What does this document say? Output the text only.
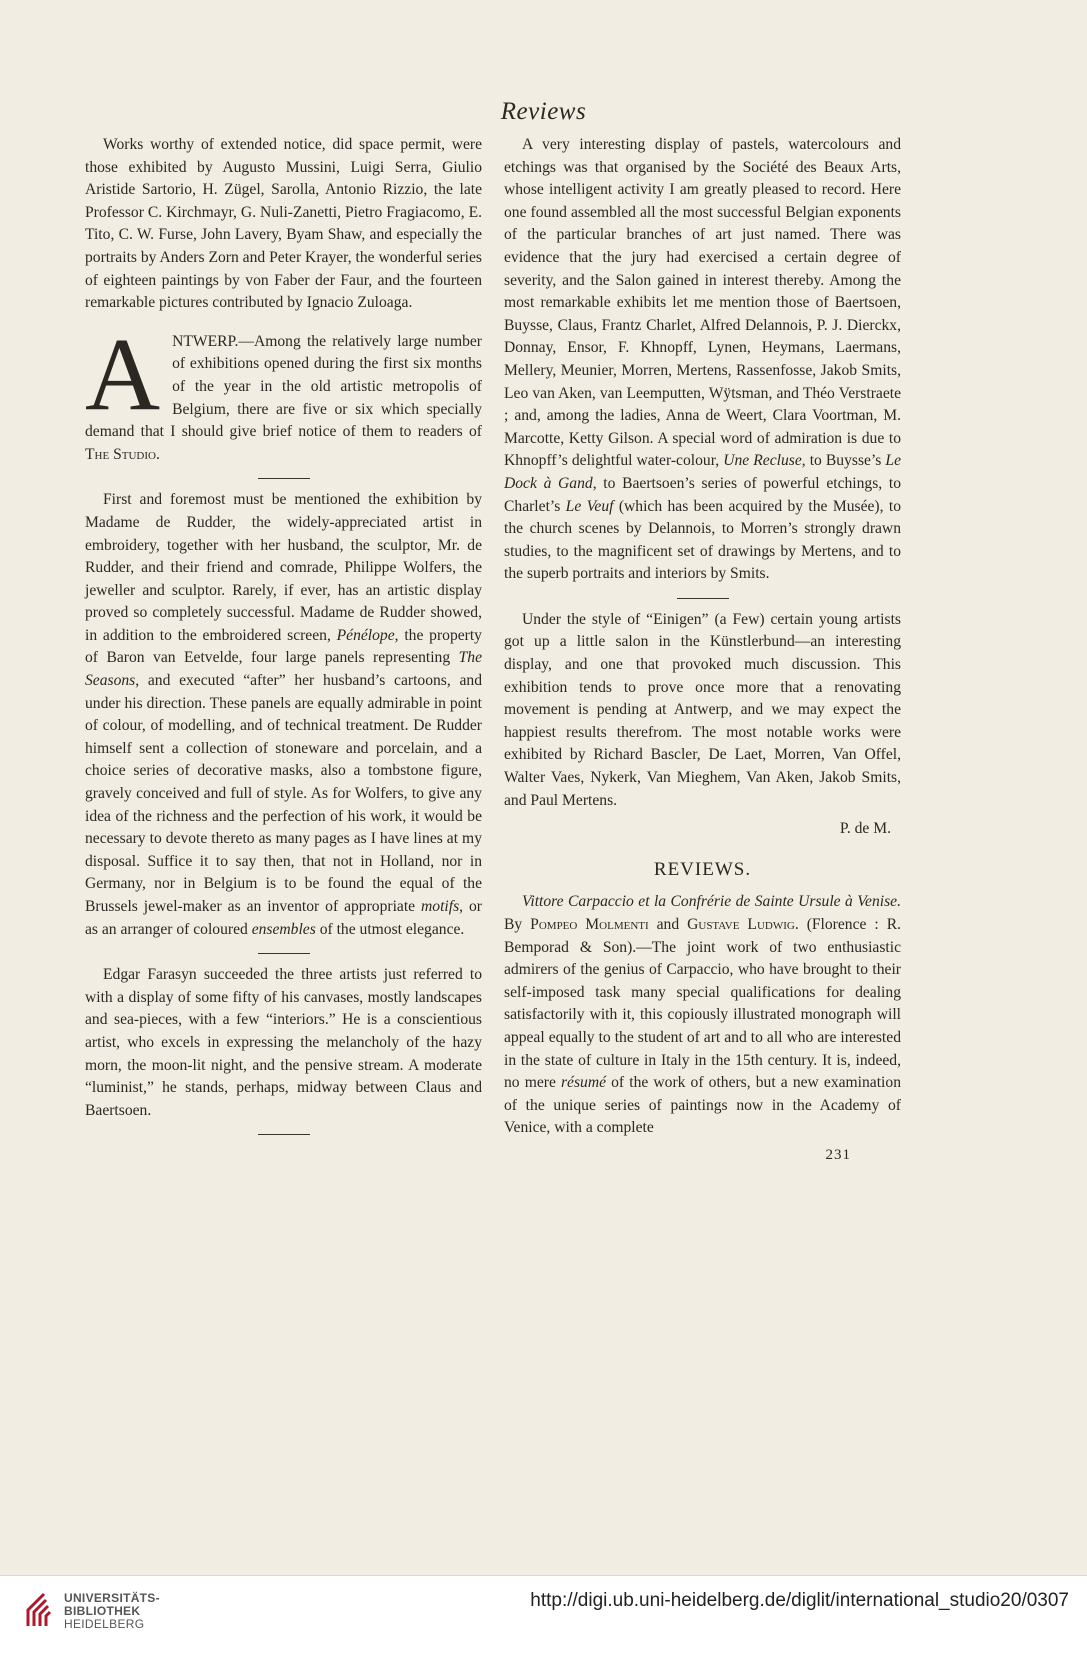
Reviews

Works worthy of extended notice, did space permit, were those exhibited by Augusto Mussini, Luigi Serra, Giulio Aristide Sartorio, H. Zügel, Sarolla, Antonio Rizzio, the late Professor C. Kirchmayr, G. Nuli-Zanetti, Pietro Fragiacomo, E. Tito, C. W. Furse, John Lavery, Byam Shaw, and especially the portraits by Anders Zorn and Peter Krayer, the wonderful series of eighteen paintings by von Faber der Faur, and the fourteen remarkable pictures contributed by Ignacio Zuloaga.

ANTWERP.—Among the relatively large number of exhibitions opened during the first six months of the year in the old artistic metropolis of Belgium, there are five or six which specially demand that I should give brief notice of them to readers of The Studio.

First and foremost must be mentioned the exhibition by Madame de Rudder, the widely-appreciated artist in embroidery, together with her husband, the sculptor, Mr. de Rudder, and their friend and comrade, Philippe Wolfers, the jeweller and sculptor. Rarely, if ever, has an artistic display proved so completely successful. Madame de Rudder showed, in addition to the embroidered screen, Pénélope, the property of Baron van Eetvelde, four large panels representing The Seasons, and executed “after” her husband’s cartoons, and under his direction. These panels are equally admirable in point of colour, of modelling, and of technical treatment. De Rudder himself sent a collection of stoneware and porcelain, and a choice series of decorative masks, also a tombstone figure, gravely conceived and full of style. As for Wolfers, to give any idea of the richness and the perfection of his work, it would be necessary to devote thereto as many pages as I have lines at my disposal. Suffice it to say then, that not in Holland, nor in Germany, nor in Belgium is to be found the equal of the Brussels jewel-maker as an inventor of appropriate motifs, or as an arranger of coloured ensembles of the utmost elegance.

Edgar Farasyn succeeded the three artists just referred to with a display of some fifty of his canvases, mostly landscapes and sea-pieces, with a few “interiors.” He is a conscientious artist, who excels in expressing the melancholy of the hazy morn, the moon-lit night, and the pensive stream. A moderate “luminist,” he stands, perhaps, midway between Claus and Baertsoen.

A very interesting display of pastels, watercolours and etchings was that organised by the Société des Beaux Arts, whose intelligent activity I am greatly pleased to record. Here one found assembled all the most successful Belgian exponents of the particular branches of art just named. There was evidence that the jury had exercised a certain degree of severity, and the Salon gained in interest thereby. Among the most remarkable exhibits let me mention those of Baertsoen, Buysse, Claus, Frantz Charlet, Alfred Delannois, P. J. Dierckx, Donnay, Ensor, F. Khnopff, Lynen, Heymans, Laermans, Mellery, Meunier, Morren, Mertens, Rassenfosse, Jakob Smits, Leo van Aken, van Leemputten, Wÿtsman, and Théo Verstraete ; and, among the ladies, Anna de Weert, Clara Voortman, M. Marcotte, Ketty Gilson. A special word of admiration is due to Khnopff’s delightful water-colour, Une Recluse, to Buysse’s Le Dock à Gand, to Baertsoen’s series of powerful etchings, to Charlet’s Le Veuf (which has been acquired by the Musée), to the church scenes by Delannois, to Morren’s strongly drawn studies, to the magnificent set of drawings by Mertens, and to the superb portraits and interiors by Smits.

Under the style of “Einigen” (a Few) certain young artists got up a little salon in the Künstlerbund—an interesting display, and one that provoked much discussion. This exhibition tends to prove once more that a renovating movement is pending at Antwerp, and we may expect the happiest results therefrom. The most notable works were exhibited by Richard Bascler, De Laet, Morren, Van Offel, Walter Vaes, Nykerk, Van Mieghem, Van Aken, Jakob Smits, and Paul Mertens.

P. de M.
REVIEWS.

Vittore Carpaccio et la Confrérie de Sainte Ursule à Venise. By Pompeo Molmenti and Gustave Ludwig. (Florence : R. Bemporad & Son).—The joint work of two enthusiastic admirers of the genius of Carpaccio, who have brought to their self-imposed task many special qualifications for dealing satisfactorily with it, this copiously illustrated monograph will appeal equally to the student of art and to all who are interested in the state of culture in Italy in the 15th century. It is, indeed, no mere résumé of the work of others, but a new examination of the unique series of paintings now in the Academy of Venice, with a complete

231
UNIVERSITÄTS-
BIBLIOTHEK
HEIDELBERG
http://digi.ub.uni-heidelberg.de/diglit/international_studio20/0307
